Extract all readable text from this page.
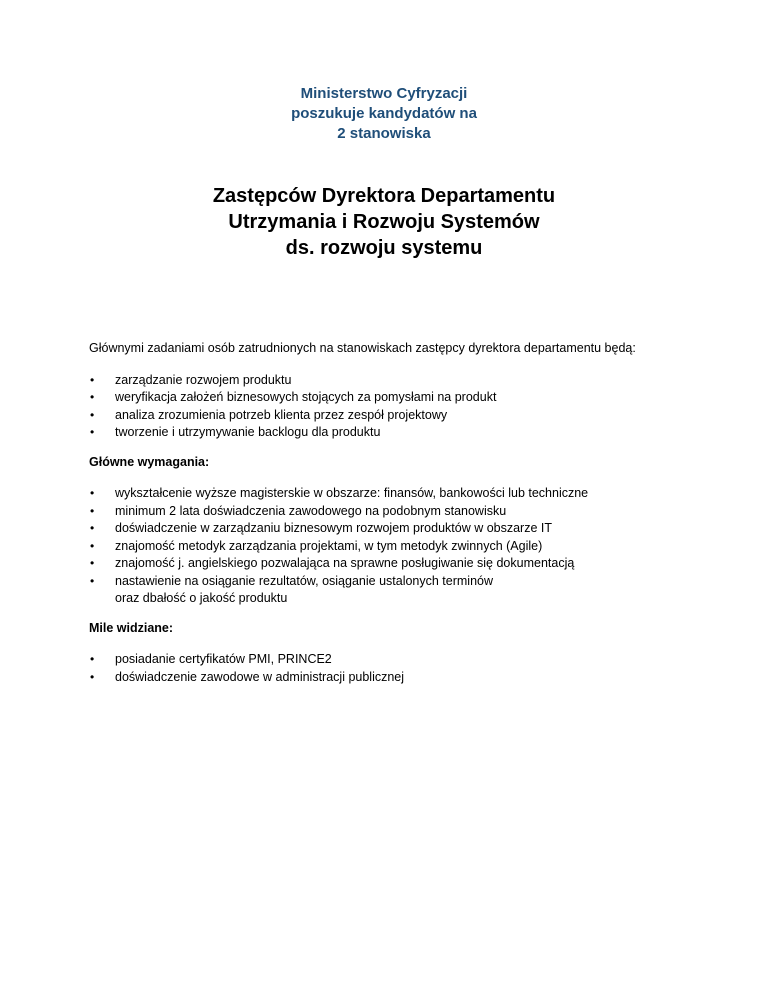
Ministerstwo Cyfryzacji
poszukuje kandydatów na
2 stanowiska
Zastępców Dyrektora Departamentu
Utrzymania i Rozwoju Systemów
ds. rozwoju systemu

Głównymi zadaniami osób zatrudnionych na stanowiskach zastępcy dyrektora departamentu będą:

• zarządzanie rozwojem produktu
• weryfikacja założeń biznesowych stojących za pomysłami na produkt
• analiza zrozumienia potrzeb klienta przez zespół projektowy
• tworzenie i utrzymywanie backlogu dla produktu
Główne wymagania:
• wykształcenie wyższe magisterskie w obszarze: finansów, bankowości lub techniczne
• minimum 2 lata doświadczenia zawodowego na podobnym stanowisku
• doświadczenie w zarządzaniu biznesowym rozwojem produktów w obszarze IT
• znajomość metodyk zarządzania projektami, w tym metodyk zwinnych (Agile)
• znajomość j. angielskiego pozwalająca na sprawne posługiwanie się dokumentacją
• nastawienie na osiąganie rezultatów, osiąganie ustalonych terminów
oraz dbałość o jakość produktu
Mile widziane:
• posiadanie certyfikatów PMI, PRINCE2
• doświadczenie zawodowe w administracji publicznej
